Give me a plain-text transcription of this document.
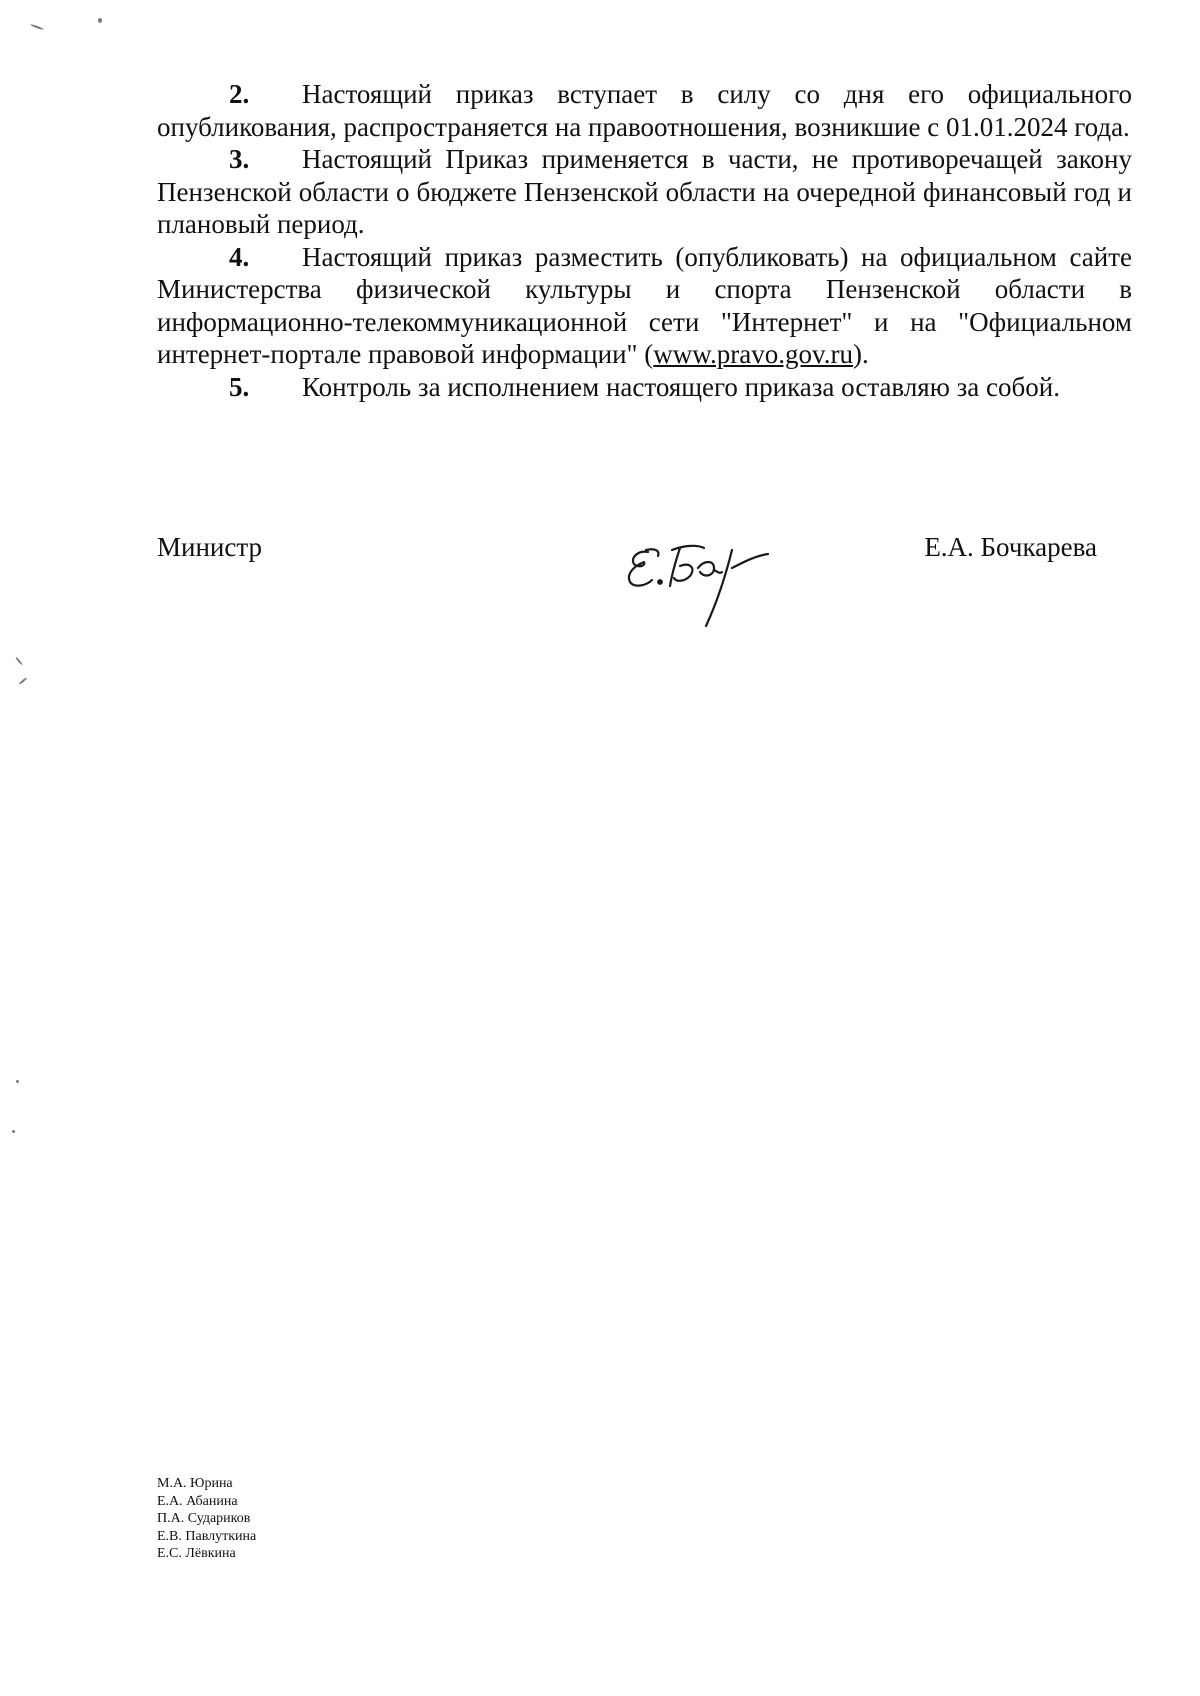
2. Настоящий приказ вступает в силу со дня его официального опубликования, распространяется на правоотношения, возникшие с 01.01.2024 года.

3. Настоящий Приказ применяется в части, не противоречащей закону Пензенской области о бюджете Пензенской области на очередной финансовый год и плановый период.

4. Настоящий приказ разместить (опубликовать) на официальном сайте Министерства физической культуры и спорта Пензенской области в информационно-телекоммуникационной сети "Интернет" и на "Официальном интернет-портале правовой информации" (www.pravo.gov.ru).

5. Контроль за исполнением настоящего приказа оставляю за собой.

Министр	Е.А. Бочкарева
М.А. Юрина
Е.А. Абанина
П.А. Судариков
Е.В. Павлуткина
Е.С. Лёвкина
